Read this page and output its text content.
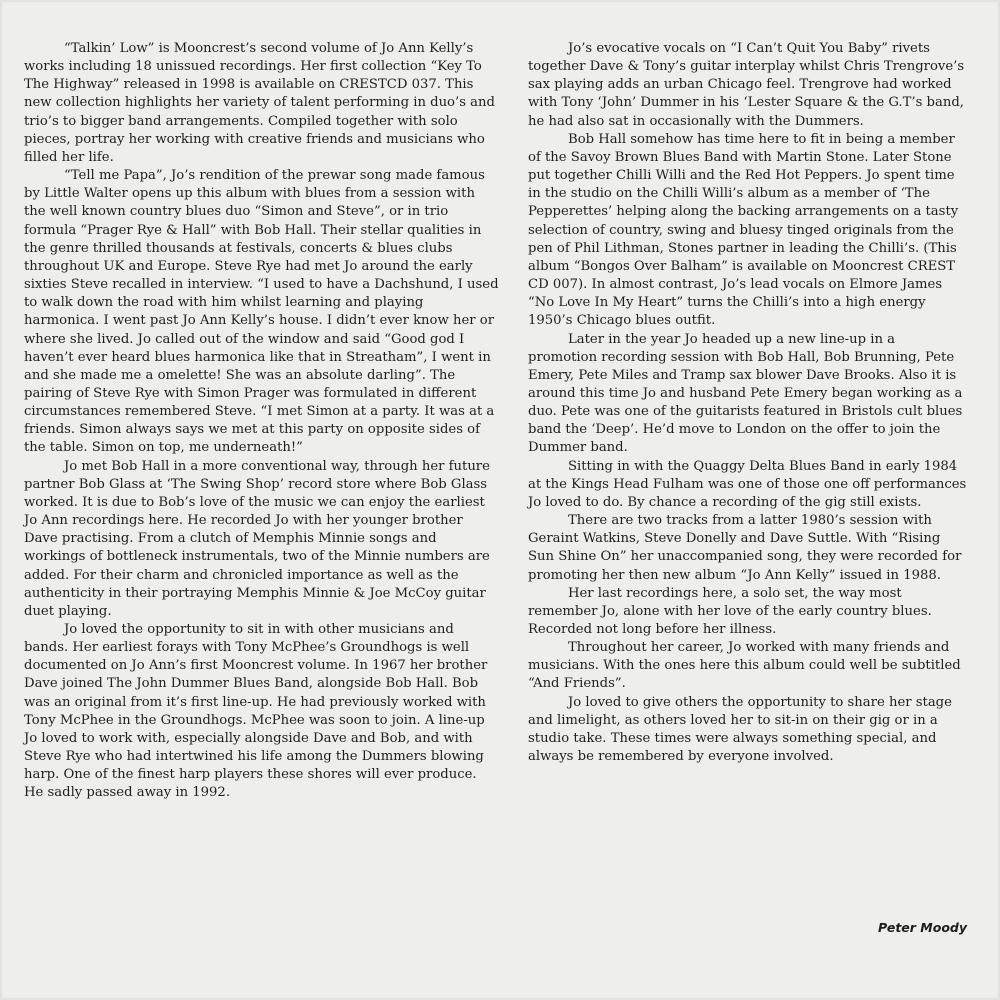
“Talkin’ Low” is Mooncrest’s second volume of Jo Ann Kelly’s works including 18 unissued recordings. Her first collection “Key To The Highway” released in 1998 is available on CRESTCD 037. This new collection highlights her variety of talent performing in duo’s and trio’s to bigger band arrangements. Compiled together with solo pieces, portray her working with creative friends and musicians who filled her life.

“Tell me Papa”, Jo’s rendition of the prewar song made famous by Little Walter opens up this album with blues from a session with the well known country blues duo “Simon and Steve”, or in trio formula “Prager Rye & Hall” with Bob Hall. Their stellar qualities in the genre thrilled thousands at festivals, concerts & blues clubs throughout UK and Europe. Steve Rye had met Jo around the early sixties Steve recalled in interview. “I used to have a Dachshund, I used to walk down the road with him whilst learning and playing harmonica. I went past Jo Ann Kelly’s house. I didn’t ever know her or where she lived. Jo called out of the window and said “Good god I haven’t ever heard blues harmonica like that in Streatham”, I went in and she made me a omelette! She was an absolute darling”. The pairing of Steve Rye with Simon Prager was formulated in different circumstances remembered Steve. “I met Simon at a party. It was at a friends. Simon always says we met at this party on opposite sides of the table. Simon on top, me underneath!”

Jo met Bob Hall in a more conventional way, through her future partner Bob Glass at ‘The Swing Shop’ record store where Bob Glass worked. It is due to Bob’s love of the music we can enjoy the earliest Jo Ann recordings here. He recorded Jo with her younger brother Dave practising. From a clutch of Memphis Minnie songs and workings of bottleneck instrumentals, two of the Minnie numbers are added. For their charm and chronicled importance as well as the authenticity in their portraying Memphis Minnie & Joe McCoy guitar duet playing.

Jo loved the opportunity to sit in with other musicians and bands. Her earliest forays with Tony McPhee’s Groundhogs is well documented on Jo Ann’s first Mooncrest volume. In 1967 her brother Dave joined The John Dummer Blues Band, alongside Bob Hall. Bob was an original from it’s first line-up. He had previously worked with Tony McPhee in the Groundhogs. McPhee was soon to join. A line-up Jo loved to work with, especially alongside Dave and Bob, and with Steve Rye who had intertwined his life among the Dummers blowing harp. One of the finest harp players these shores will ever produce. He sadly passed away in 1992.

Jo’s evocative vocals on “I Can’t Quit You Baby” rivets together Dave & Tony’s guitar interplay whilst Chris Trengrove’s sax playing adds an urban Chicago feel. Trengrove had worked with Tony ‘John’ Dummer in his ‘Lester Square & the G.T’s band, he had also sat in occasionally with the Dummers.

Bob Hall somehow has time here to fit in being a member of the Savoy Brown Blues Band with Martin Stone. Later Stone put together Chilli Willi and the Red Hot Peppers. Jo spent time in the studio on the Chilli Willi’s album as a member of ‘The Pepperettes’ helping along the backing arrangements on a tasty selection of country, swing and bluesy tinged originals from the pen of Phil Lithman, Stones partner in leading the Chilli’s. (This album “Bongos Over Balham” is available on Mooncrest CREST CD 007). In almost contrast, Jo’s lead vocals on Elmore James “No Love In My Heart” turns the Chilli’s into a high energy 1950’s Chicago blues outfit.

Later in the year Jo headed up a new line-up in a promotion recording session with Bob Hall, Bob Brunning, Pete Emery, Pete Miles and Tramp sax blower Dave Brooks. Also it is around this time Jo and husband Pete Emery began working as a duo. Pete was one of the guitarists featured in Bristols cult blues band the ‘Deep’. He’d move to London on the offer to join the Dummer band.

Sitting in with the Quaggy Delta Blues Band in early 1984 at the Kings Head Fulham was one of those one off performances Jo loved to do. By chance a recording of the gig still exists.

There are two tracks from a latter 1980’s session with Geraint Watkins, Steve Donelly and Dave Suttle. With “Rising Sun Shine On” her unaccompanied song, they were recorded for promoting her then new album “Jo Ann Kelly” issued in 1988.

Her last recordings here, a solo set, the way most remember Jo, alone with her love of the early country blues. Recorded not long before her illness.

Throughout her career, Jo worked with many friends and musicians. With the ones here this album could well be subtitled “And Friends”.

Jo loved to give others the opportunity to share her stage and limelight, as others loved her to sit-in on their gig or in a studio take. These times were always something special, and always be remembered by everyone involved.

Peter Moody
